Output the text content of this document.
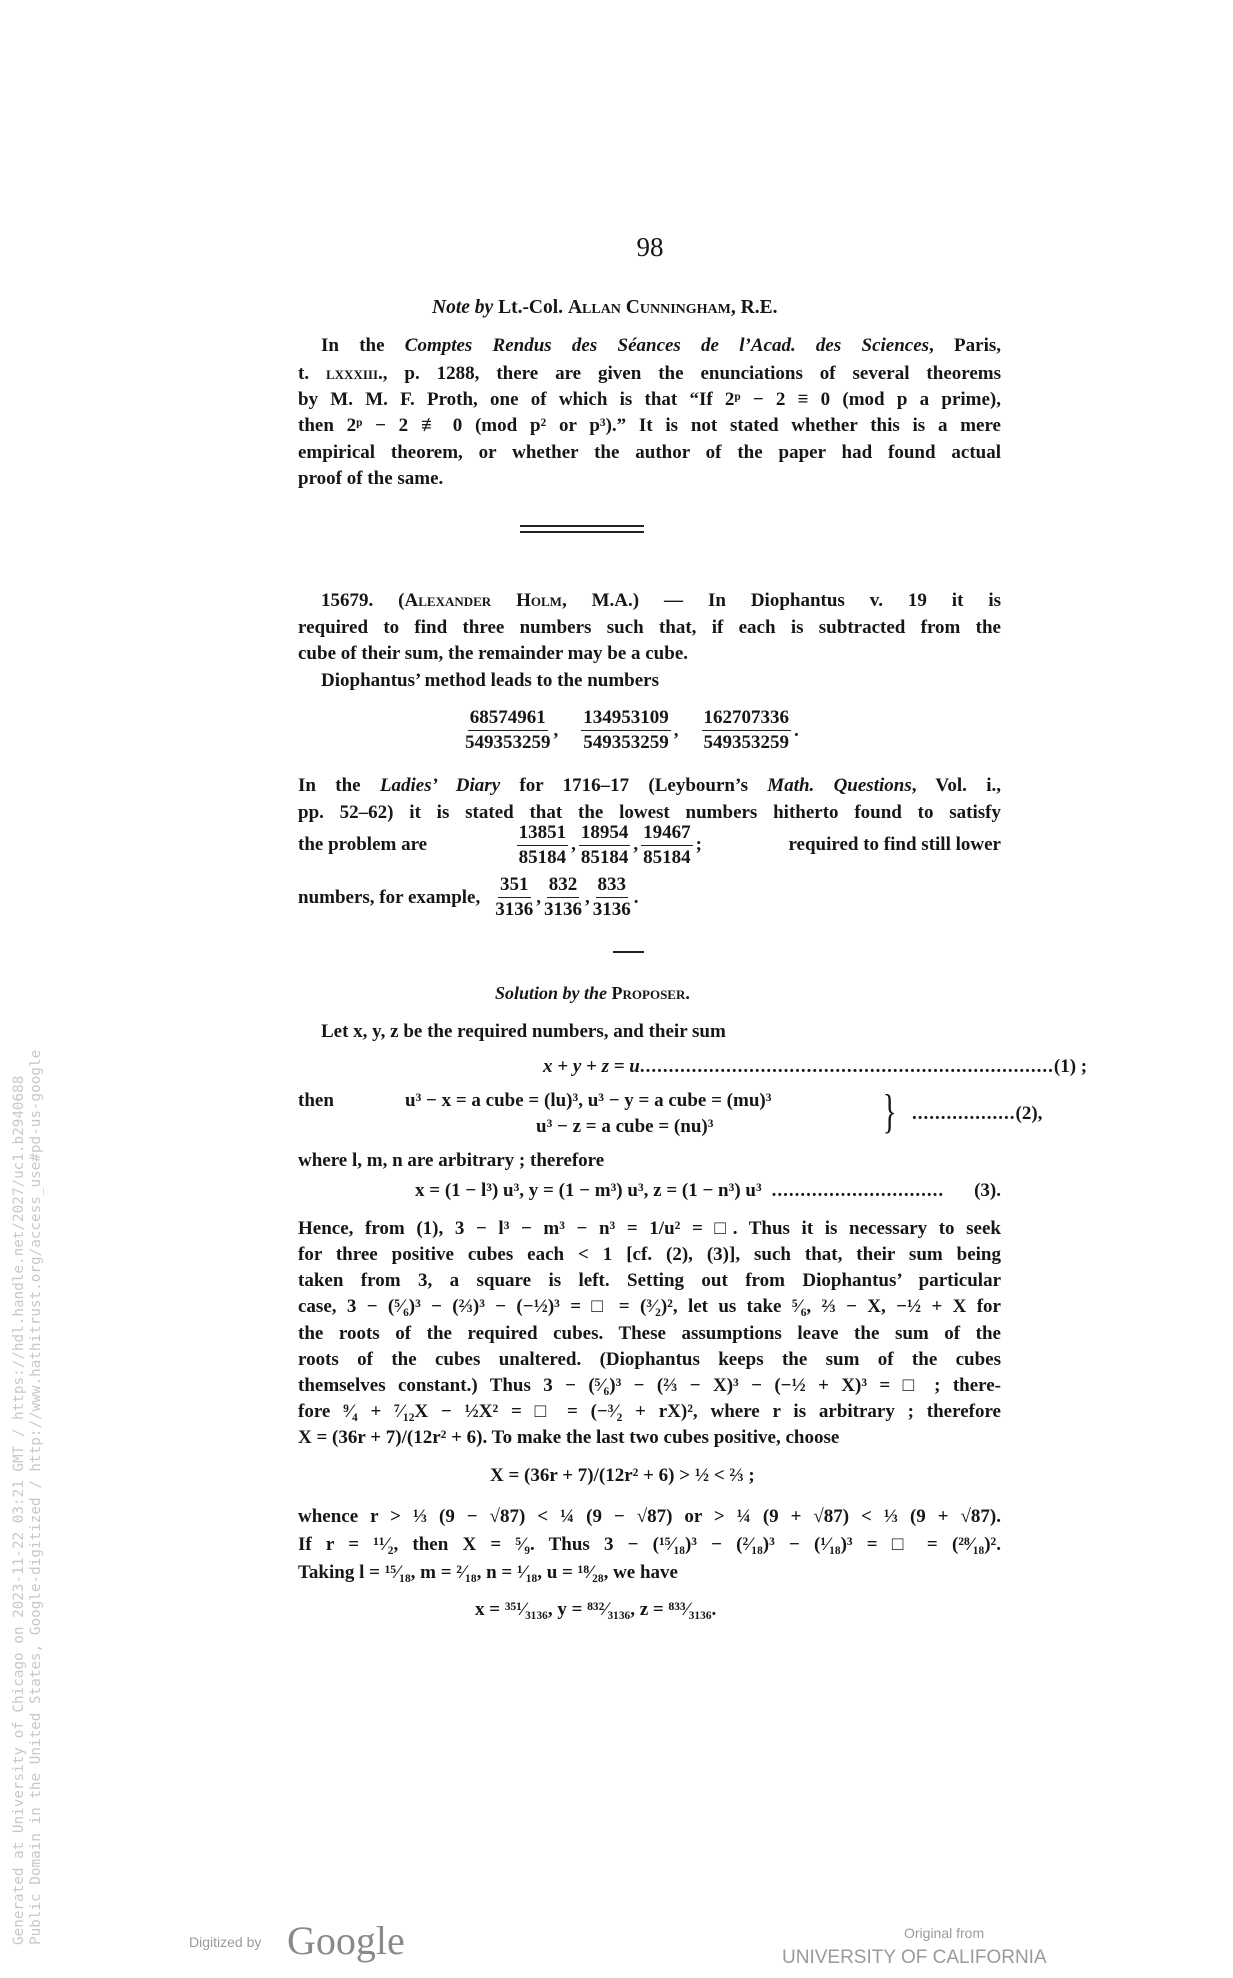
98
Note by Lt.-Col. Allan Cunningham, R.E.
In the Comptes Rendus des Séances de l’Acad. des Sciences, Paris,
t. lxxxiii., p. 1288, there are given the enunciations of several theorems
by M. M. F. Proth, one of which is that “If 2ᵖ − 2 ≡ 0 (mod p a prime),
then 2ᵖ − 2 ≢ 0 (mod p² or p³).” It is not stated whether this is a mere
empirical theorem, or whether the author of the paper had found actual
proof of the same.
15679. (Alexander Holm, M.A.) — In Diophantus v. 19 it is
required to find three numbers such that, if each is subtracted from the
cube of their sum, the remainder may be a cube.
Diophantus’ method leads to the numbers
$\frac{68574961}{549353259}$ , $\frac{134953109}{549353259}$ , $\frac{162707336}{549353259}$ .
In the Ladies’ Diary for 1716–17 (Leybourn’s Math. Questions, Vol. i.,
pp. 52–62) it is stated that the lowest numbers hitherto found to satisfy
the problem are	$\frac{13851}{85184}$ , $\frac{18954}{85184}$ , $\frac{19467}{85184}$ ;	required to find still lower
numbers, for example, $\frac{351}{3136}$ , $\frac{832}{3136}$ , $\frac{833}{3136}$ .
Solution by the Proposer.
Let x, y, z be the required numbers, and their sum
x + y + z = u ........................................................................ (1) ;
then	u³ − x = a cube = (lu)³, u³ − y = a cube = (mu)³
u³ − z = a cube = (nu)³	} .................. (2),
where l, m, n are arbitrary ; therefore
x = (1 − l³) u³, y = (1 − m³) u³, z = (1 − n³) u³ ..............................	(3).
Hence, from (1), 3 − l³ − m³ − n³ = 1/u² = □. Thus it is necessary to seek
for three positive cubes each < 1 [cf. (2), (3)], such that, their sum being
taken from 3, a square is left. Setting out from Diophantus’ particular
case, 3 − (⁵⁄₆)³ − (⅔)³ − (−½)³ = □ = (³⁄₂)², let us take ⁵⁄₆, ⅔ − X, −½ + X for
the roots of the required cubes. These assumptions leave the sum of the
roots of the cubes unaltered. (Diophantus keeps the sum of the cubes
themselves constant.) Thus 3 − (⁵⁄₆)³ − (⅔ − X)³ − (−½ + X)³ = □ ; there-
fore ⁹⁄₄ + ⁷⁄₁₂X − ½X² = □ = (−³⁄₂ + rX)², where r is arbitrary ; therefore
X = (36r + 7)/(12r² + 6). To make the last two cubes positive, choose
X = (36r + 7)/(12r² + 6) > ½ < ⅔ ;
whence r > ⅓ (9 − √87) < ¼ (9 − √87) or > ¼ (9 + √87) < ⅓ (9 + √87).
If r = ¹¹⁄₂, then X = ⁵⁄₉. Thus 3 − (¹⁵⁄₁₈)³ − (²⁄₁₈)³ − (¹⁄₁₈)³ = □ = (²⁸⁄₁₈)².
Taking l = ¹⁵⁄₁₈, m = ²⁄₁₈, n = ¹⁄₁₈, u = ¹⁸⁄₂₈, we have
x = ³⁵¹⁄₃₁₃₆, y = ⁸³²⁄₃₁₃₆, z = ⁸³³⁄₃₁₃₆.
Generated at University of Chicago on 2023-11-22 03:21 GMT / https://hdl.handle.net/2027/uc1.b2940688 Public Domain in the United States, Google-digitized / http://www.hathitrust.org/access_use#pd-us-google	Digitized by Google	Original from
UNIVERSITY OF CALIFORNIA
